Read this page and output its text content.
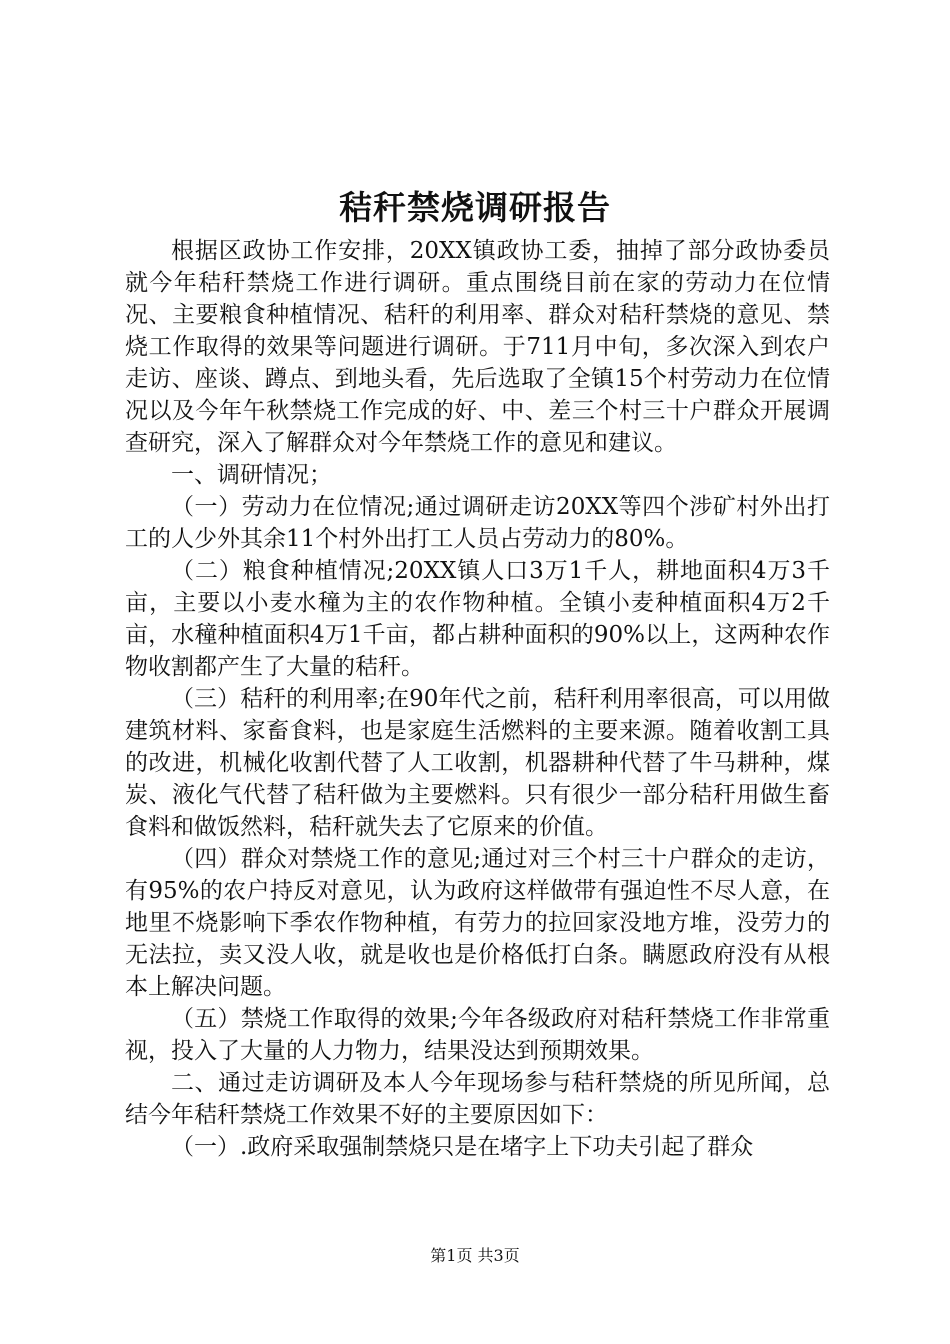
秸秆禁烧调研报告

根据区政协工作安排，20XX镇政协工委，抽掉了部分政协委员就今年秸秆禁烧工作进行调研。重点围绕目前在家的劳动力在位情况、主要粮食种植情况、秸秆的利用率、群众对秸秆禁烧的意见、禁烧工作取得的效果等问题进行调研。于711月中旬，多次深入到农户走访、座谈、蹲点、到地头看，先后选取了全镇15个村劳动力在位情况以及今年午秋禁烧工作完成的好、中、差三个村三十户群众开展调查研究，深入了解群众对今年禁烧工作的意见和建议。

一、调研情况；

（一）劳动力在位情况;通过调研走访20XX等四个涉矿村外出打工的人少外其余11个村外出打工人员占劳动力的80%。

（二）粮食种植情况;20XX镇人口3万1千人，耕地面积4万3千亩，主要以小麦水穜为主的农作物种植。全镇小麦种植面积4万2千亩，水穜种植面积4万1千亩，都占耕种面积的90%以上，这两种农作物收割都产生了大量的秸秆。

（三）秸秆的利用率;在90年代之前，秸秆利用率很高，可以用做建筑材料、家畜食料，也是家庭生活燃料的主要来源。随着收割工具的改进，机械化收割代替了人工收割，机器耕种代替了牛马耕种，煤炭、液化气代替了秸秆做为主要燃料。只有很少一部分秸秆用做生畜食料和做饭然料，秸秆就失去了它原来的价值。

（四）群众对禁烧工作的意见;通过对三个村三十户群众的走访，有95%的农户持反对意见，认为政府这样做带有强迫性不尽人意，在地里不烧影响下季农作物种植，有劳力的拉回家没地方堆，没劳力的无法拉，卖又没人收，就是收也是价格低打白条。瞒愿政府没有从根本上解决问题。

（五）禁烧工作取得的效果;今年各级政府对秸秆禁烧工作非常重视，投入了大量的人力物力，结果没达到预期效果。

二、通过走访调研及本人今年现场参与秸秆禁烧的所见所闻，总结今年秸秆禁烧工作效果不好的主要原因如下：

（一）.政府采取强制禁烧只是在堵字上下功夫引起了群众

第1页 共3页
